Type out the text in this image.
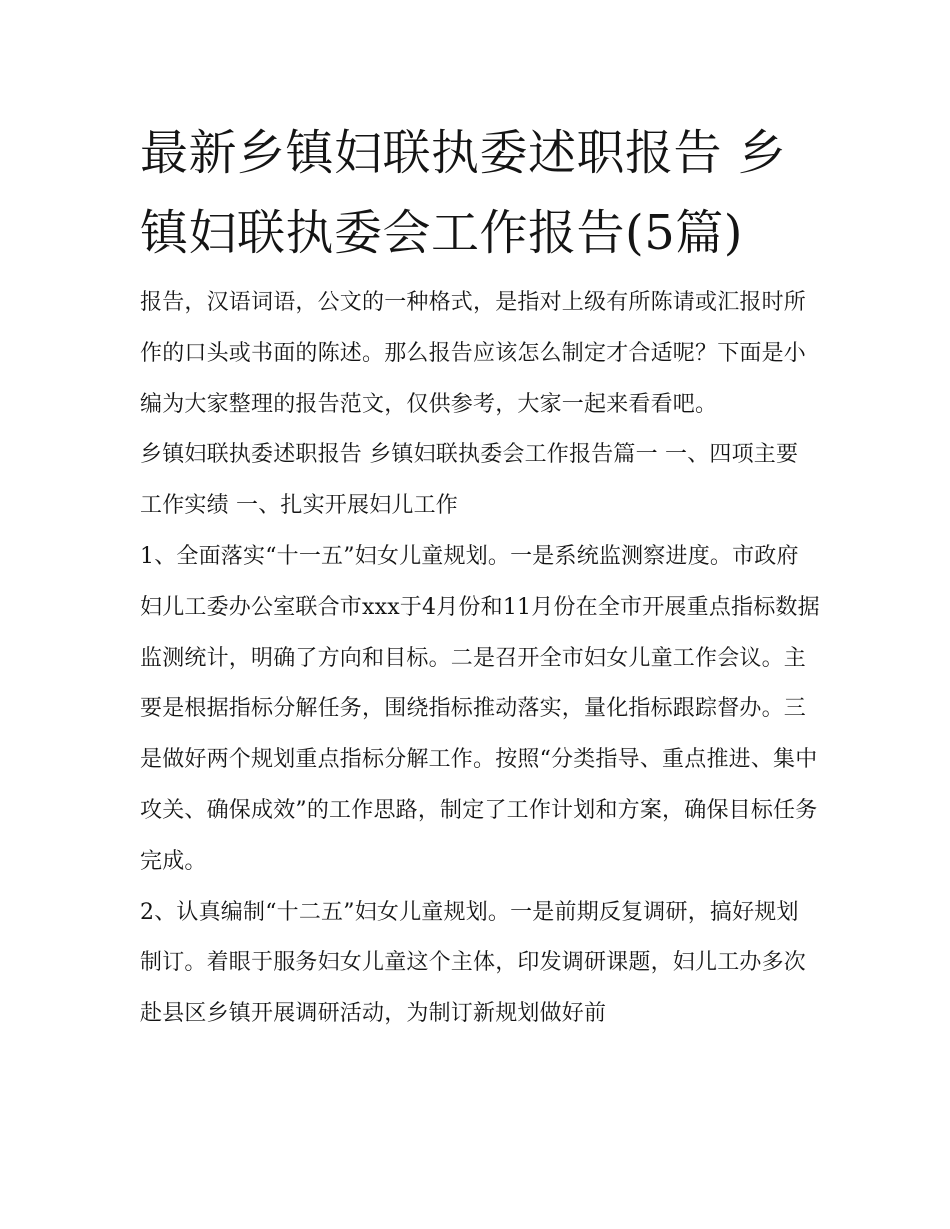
最新乡镇妇联执委述职报告 乡镇妇联执委会工作报告(5篇)

报告，汉语词语，公文的一种格式，是指对上级有所陈请或汇报时所作的口头或书面的陈述。那么报告应该怎么制定才合适呢？下面是小编为大家整理的报告范文，仅供参考，大家一起来看看吧。

乡镇妇联执委述职报告 乡镇妇联执委会工作报告篇一 一、四项主要工作实绩 一、扎实开展妇儿工作

1、全面落实“十一五”妇女儿童规划。一是系统监测察进度。市政府妇儿工委办公室联合市xxx于4月份和11月份在全市开展重点指标数据监测统计，明确了方向和目标。二是召开全市妇女儿童工作会议。主要是根据指标分解任务，围绕指标推动落实，量化指标跟踪督办。三是做好两个规划重点指标分解工作。按照“分类指导、重点推进、集中攻关、确保成效”的工作思路，制定了工作计划和方案，确保目标任务完成。

2、认真编制“十二五”妇女儿童规划。一是前期反复调研，搞好规划制订。着眼于服务妇女儿童这个主体，印发调研课题，妇儿工办多次赴县区乡镇开展调研活动，为制订新规划做好前
